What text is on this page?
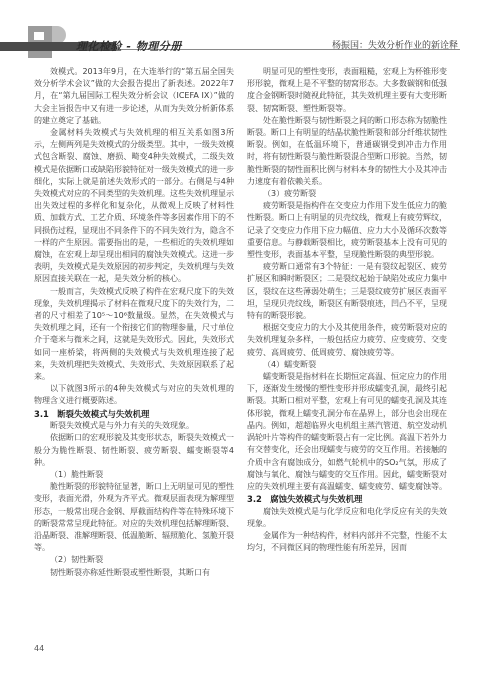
理化检验 - 物理分册	杨振国：失效分析作业的新诠释
效模式。2013年9月，在大连举行的“第五届全国失效分析学术会议”做的大会报告提出了新表述。2022年7月，在“第九届国际工程失效分析会议（ICEFA IX）”做的大会主旨报告中又有进一步论述，从而为失效分析新体系的建立奠定了基础。
金属材料失效模式与失效机理的相互关系如图3所示，左侧两列是失效模式的分级类型。其中，一级失效模式包含断裂、腐蚀、磨损、畸变4种失效模式，二级失效模式是依据断口或缺陷形貌特征对一级失效模式的进一步细化，实际上就是前述失效形式的一部分。右侧是与4种失效模式对应的不同类型的失效机理。这些失效机理显示出失效过程的多样化和复杂化，从微观上反映了材料性质、加载方式、工艺介质、环境条件等多因素作用下的不同损伤过程，显现出不同条件下的不同失效行为，隐含不一样的产生原因。需要指出的是，一些相近的失效机理如腐蚀，在宏观上却呈现出相同的腐蚀失效模式。这进一步表明，失效模式是失效原因的初步判定，失效机理与失效原因直接关联在一起，是失效分析的核心。
一般而言，失效模式反映了构件在宏观尺度下的失效现象，失效机理揭示了材料在微观尺度下的失效行为，二者的尺寸相差了10⁵～10⁶数量级。显然，在失效模式与失效机理之间，还有一个衔接它们的物理参量，尺寸单位介于毫米与微米之间，这就是失效形式。因此，失效形式如同一座桥梁，将两侧的失效模式与失效机理连接了起来，失效机理把失效模式、失效形式、失效原因联系了起来。
以下就图3所示的4种失效模式与对应的失效机理的物理含义进行概要陈述。
3.1　断裂失效模式与失效机理
断裂失效模式是与外力有关的失效现象。
依据断口的宏观形貌及其变形状态，断裂失效模式一般分为脆性断裂、韧性断裂、疲劳断裂、蠕变断裂等4种。
（1）脆性断裂
脆性断裂的形貌特征显著，断口上无明显可见的塑性变形，表面光滑，外观为齐平式。微观层面表现为解理型形态，一般常出现合金钢、厚截面结构件等在特殊环境下的断裂常常呈现此特征。对应的失效机理包括解理断裂、沿晶断裂、准解理断裂、低温脆断、辐照脆化、氢脆开裂等。
（2）韧性断裂
韧性断裂亦称延性断裂或塑性断裂，其断口有
明显可见的塑性变形，表面粗糙，宏观上为杯锥形变形形貌，微观上是不平整的韧窝形态。大多数碳钢和低强度合金钢断裂时随视此特征，其失效机理主要有大变形断裂、韧窝断裂、塑性断裂等。
处在脆性断裂与韧性断裂之间的断口形态称为韧脆性断裂。断口上有明显的结晶状脆性断裂和部分纤维状韧性断裂。例如，在低温环境下，普通碳钢受到冲击力作用时，将有韧性断裂与脆性断裂混合型断口形貌。当然，韧脆性断裂的韧性面积比例与材料本身的韧性大小及其冲击力速度有着依赖关系。
（3）疲劳断裂
疲劳断裂是指构件在交变应力作用下发生低应力的脆性断裂。断口上有明显的贝壳纹线，微观上有疲劳辉纹，记录了交变应力作用下应力幅值、应力大小及循环次数等重要信息。与静载断裂相比，疲劳断裂基本上没有可见的塑性变形，表面基本平整，呈现脆性断裂的典型形貌。
疲劳断口通常有3个特征：一是有裂纹起裂区、疲劳扩展区和瞬时断裂区；二是裂纹起始于缺陷处或应力集中区，裂纹在这些薄弱处萌生；三是裂纹疲劳扩展区表面平坦，呈现贝壳纹线，断裂区有断裂痕迹，凹凸不平，呈现特有的断裂形貌。
根据交变应力的大小及其使用条件，疲劳断裂对应的失效机理复杂多样，一般包括应力疲劳、应变疲劳、交变疲劳、高周疲劳、低周疲劳、腐蚀疲劳等。
（4）蠕变断裂
蠕变断裂是指材料在长期恒定高温、恒定应力的作用下，逐渐发生缓慢的塑性变形并形成蠕变孔洞，最终引起断裂。其断口相对平整，宏观上有可见的蠕变孔洞及其连体形貌，微观上蠕变孔洞分布在晶界上，部分也会出现在晶内。例如，超超临界火电机组主蒸汽管道、航空发动机涡轮叶片等构件的蠕变断裂占有一定比例。高温下若外力有交替变化，还会出现蠕变与疲劳的交互作用。若接触的介质中含有腐蚀成分，如燃气轮机中的SO₂气氛，形成了腐蚀与氧化、腐蚀与蠕变的交互作用。因此，蠕变断裂对应的失效机理主要有高温蠕变、蠕变疲劳、蠕变腐蚀等。
3.2　腐蚀失效模式与失效机理
腐蚀失效模式是与化学反应和电化学反应有关的失效现象。
金属作为一种结构件，材料内部并不完整，性能不太均匀，不同微区间的物理性能有所差异，因而
44
